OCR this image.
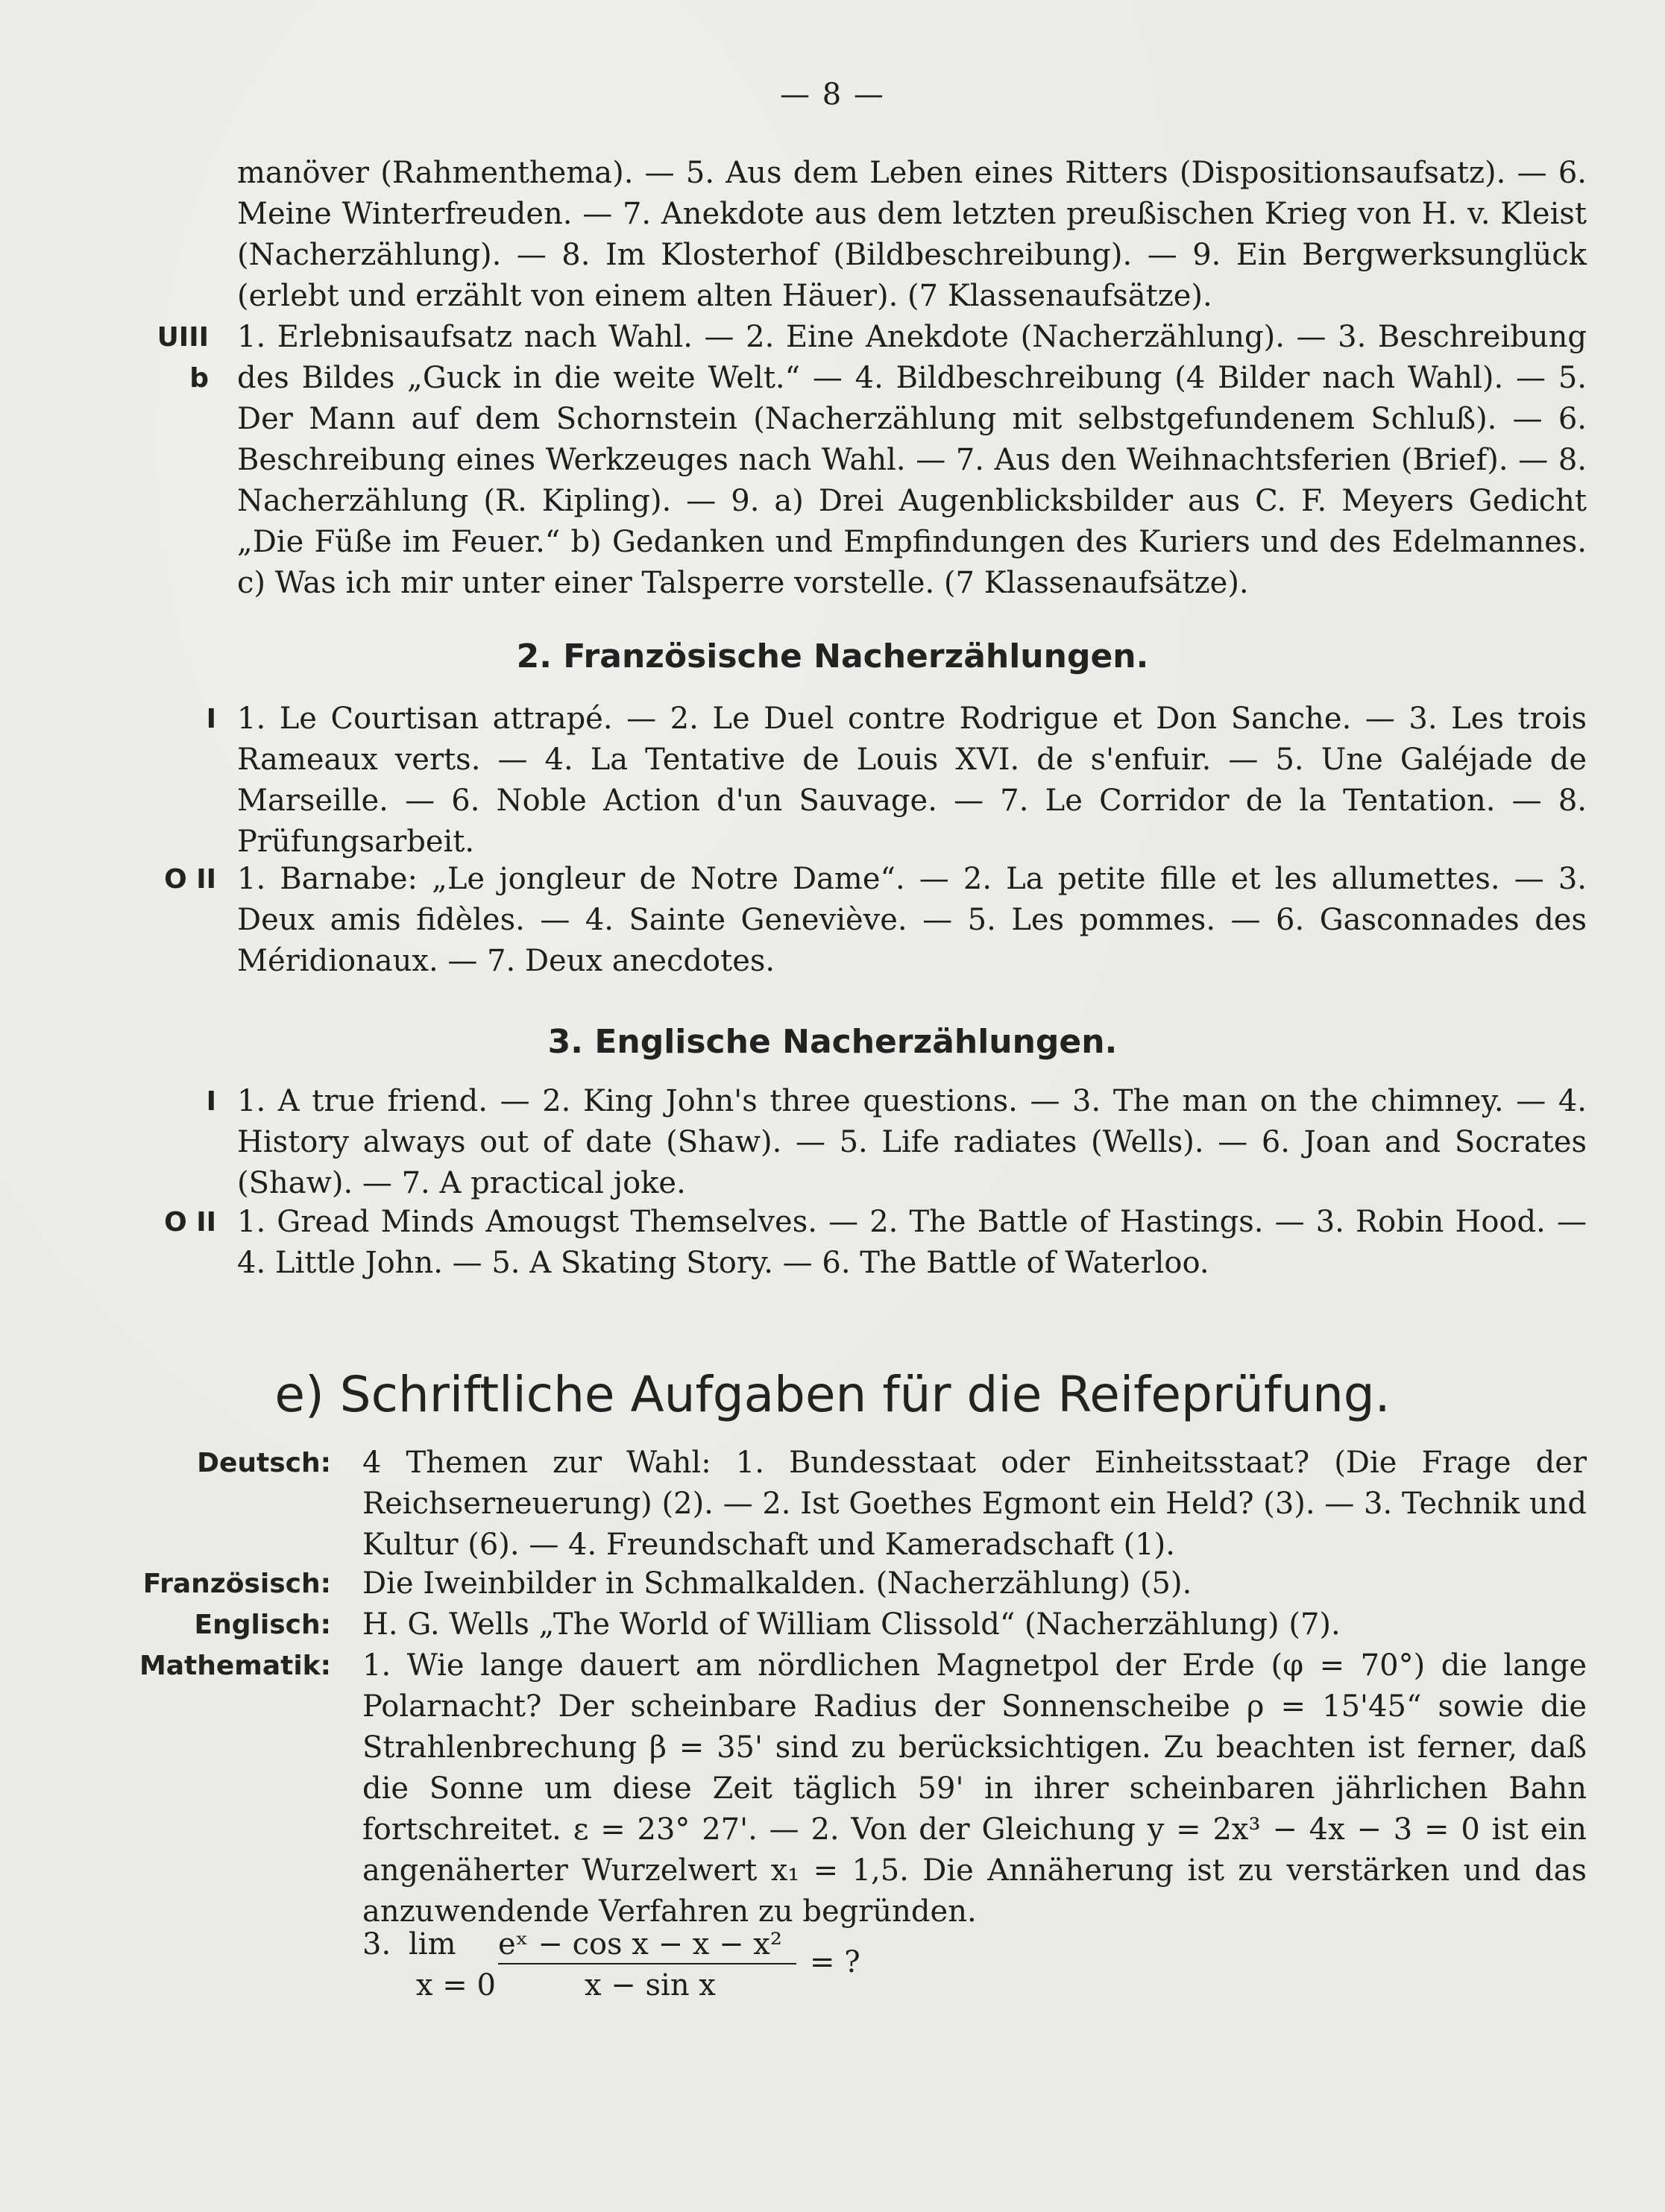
— 8 —
manöver (Rahmenthema). — 5. Aus dem Leben eines Ritters (Dispositionsaufsatz). — 6. Meine Winterfreuden. — 7. Anekdote aus dem letzten preußischen Krieg von H. v. Kleist (Nacherzählung). — 8. Im Klosterhof (Bildbeschreibung). — 9. Ein Bergwerksunglück (erlebt und erzählt von einem alten Häuer). (7 Klassenaufsätze).
UIII b
1. Erlebnisaufsatz nach Wahl. — 2. Eine Anekdote (Nacherzählung). — 3. Beschreibung des Bildes „Guck in die weite Welt.“ — 4. Bildbeschreibung (4 Bilder nach Wahl). — 5. Der Mann auf dem Schornstein (Nacherzählung mit selbstgefundenem Schluß). — 6. Beschreibung eines Werkzeuges nach Wahl. — 7. Aus den Weihnachtsferien (Brief). — 8. Nacherzählung (R. Kipling). — 9. a) Drei Augenblicksbilder aus C. F. Meyers Gedicht „Die Füße im Feuer.“ b) Gedanken und Empfindungen des Kuriers und des Edelmannes. c) Was ich mir unter einer Talsperre vorstelle. (7 Klassenaufsätze).
2. Französische Nacherzählungen.
I 1. Le Courtisan attrapé. — 2. Le Duel contre Rodrigue et Don Sanche. — 3. Les trois Rameaux verts. — 4. La Tentative de Louis XVI. de s'enfuir. — 5. Une Galéjade de Marseille. — 6. Noble Action d'un Sauvage. — 7. Le Corridor de la Tentation. — 8. Prüfungsarbeit.
O II 1. Barnabe: „Le jongleur de Notre Dame“. — 2. La petite fille et les allumettes. — 3. Deux amis fidèles. — 4. Sainte Geneviève. — 5. Les pommes. — 6. Gasconnades des Méridionaux. — 7. Deux anecdotes.
3. Englische Nacherzählungen.
I 1. A true friend. — 2. King John's three questions. — 3. The man on the chimney. — 4. History always out of date (Shaw). — 5. Life radiates (Wells). — 6. Joan and Socrates (Shaw). — 7. A practical joke.
O II 1. Gread Minds Amougst Themselves. — 2. The Battle of Hastings. — 3. Robin Hood. — 4. Little John. — 5. A Skating Story. — 6. The Battle of Waterloo.
e) Schriftliche Aufgaben für die Reifeprüfung.
Deutsch: 4 Themen zur Wahl: 1. Bundesstaat oder Einheitsstaat? (Die Frage der Reichserneuerung) (2). — 2. Ist Goethes Egmont ein Held? (3). — 3. Technik und Kultur (6). — 4. Freundschaft und Kameradschaft (1).
Französisch: Die Iweinbilder in Schmalkalden. (Nacherzählung) (5).
Englisch: H. G. Wells „The World of William Clissold“ (Nacherzählung) (7).
Mathematik: 1. Wie lange dauert am nördlichen Magnetpol der Erde (φ = 70°) die lange Polarnacht? Der scheinbare Radius der Sonnenscheibe ρ = 15'45“ sowie die Strahlenbrechung β = 35' sind zu berücksichtigen. Zu beachten ist ferner, daß die Sonne um diese Zeit täglich 59' in ihrer scheinbaren jährlichen Bahn fortschreitet. ε = 23° 27'. — 2. Von der Gleichung y = 2x³ − 4x − 3 = 0 ist ein angenäherter Wurzelwert x₁ = 1,5. Die Annäherung ist zu verstärken und das anzuwendende Verfahren zu begründen.
3. lim
x = 0
eˣ − cos x − x − x²
x − sin x
= ?
